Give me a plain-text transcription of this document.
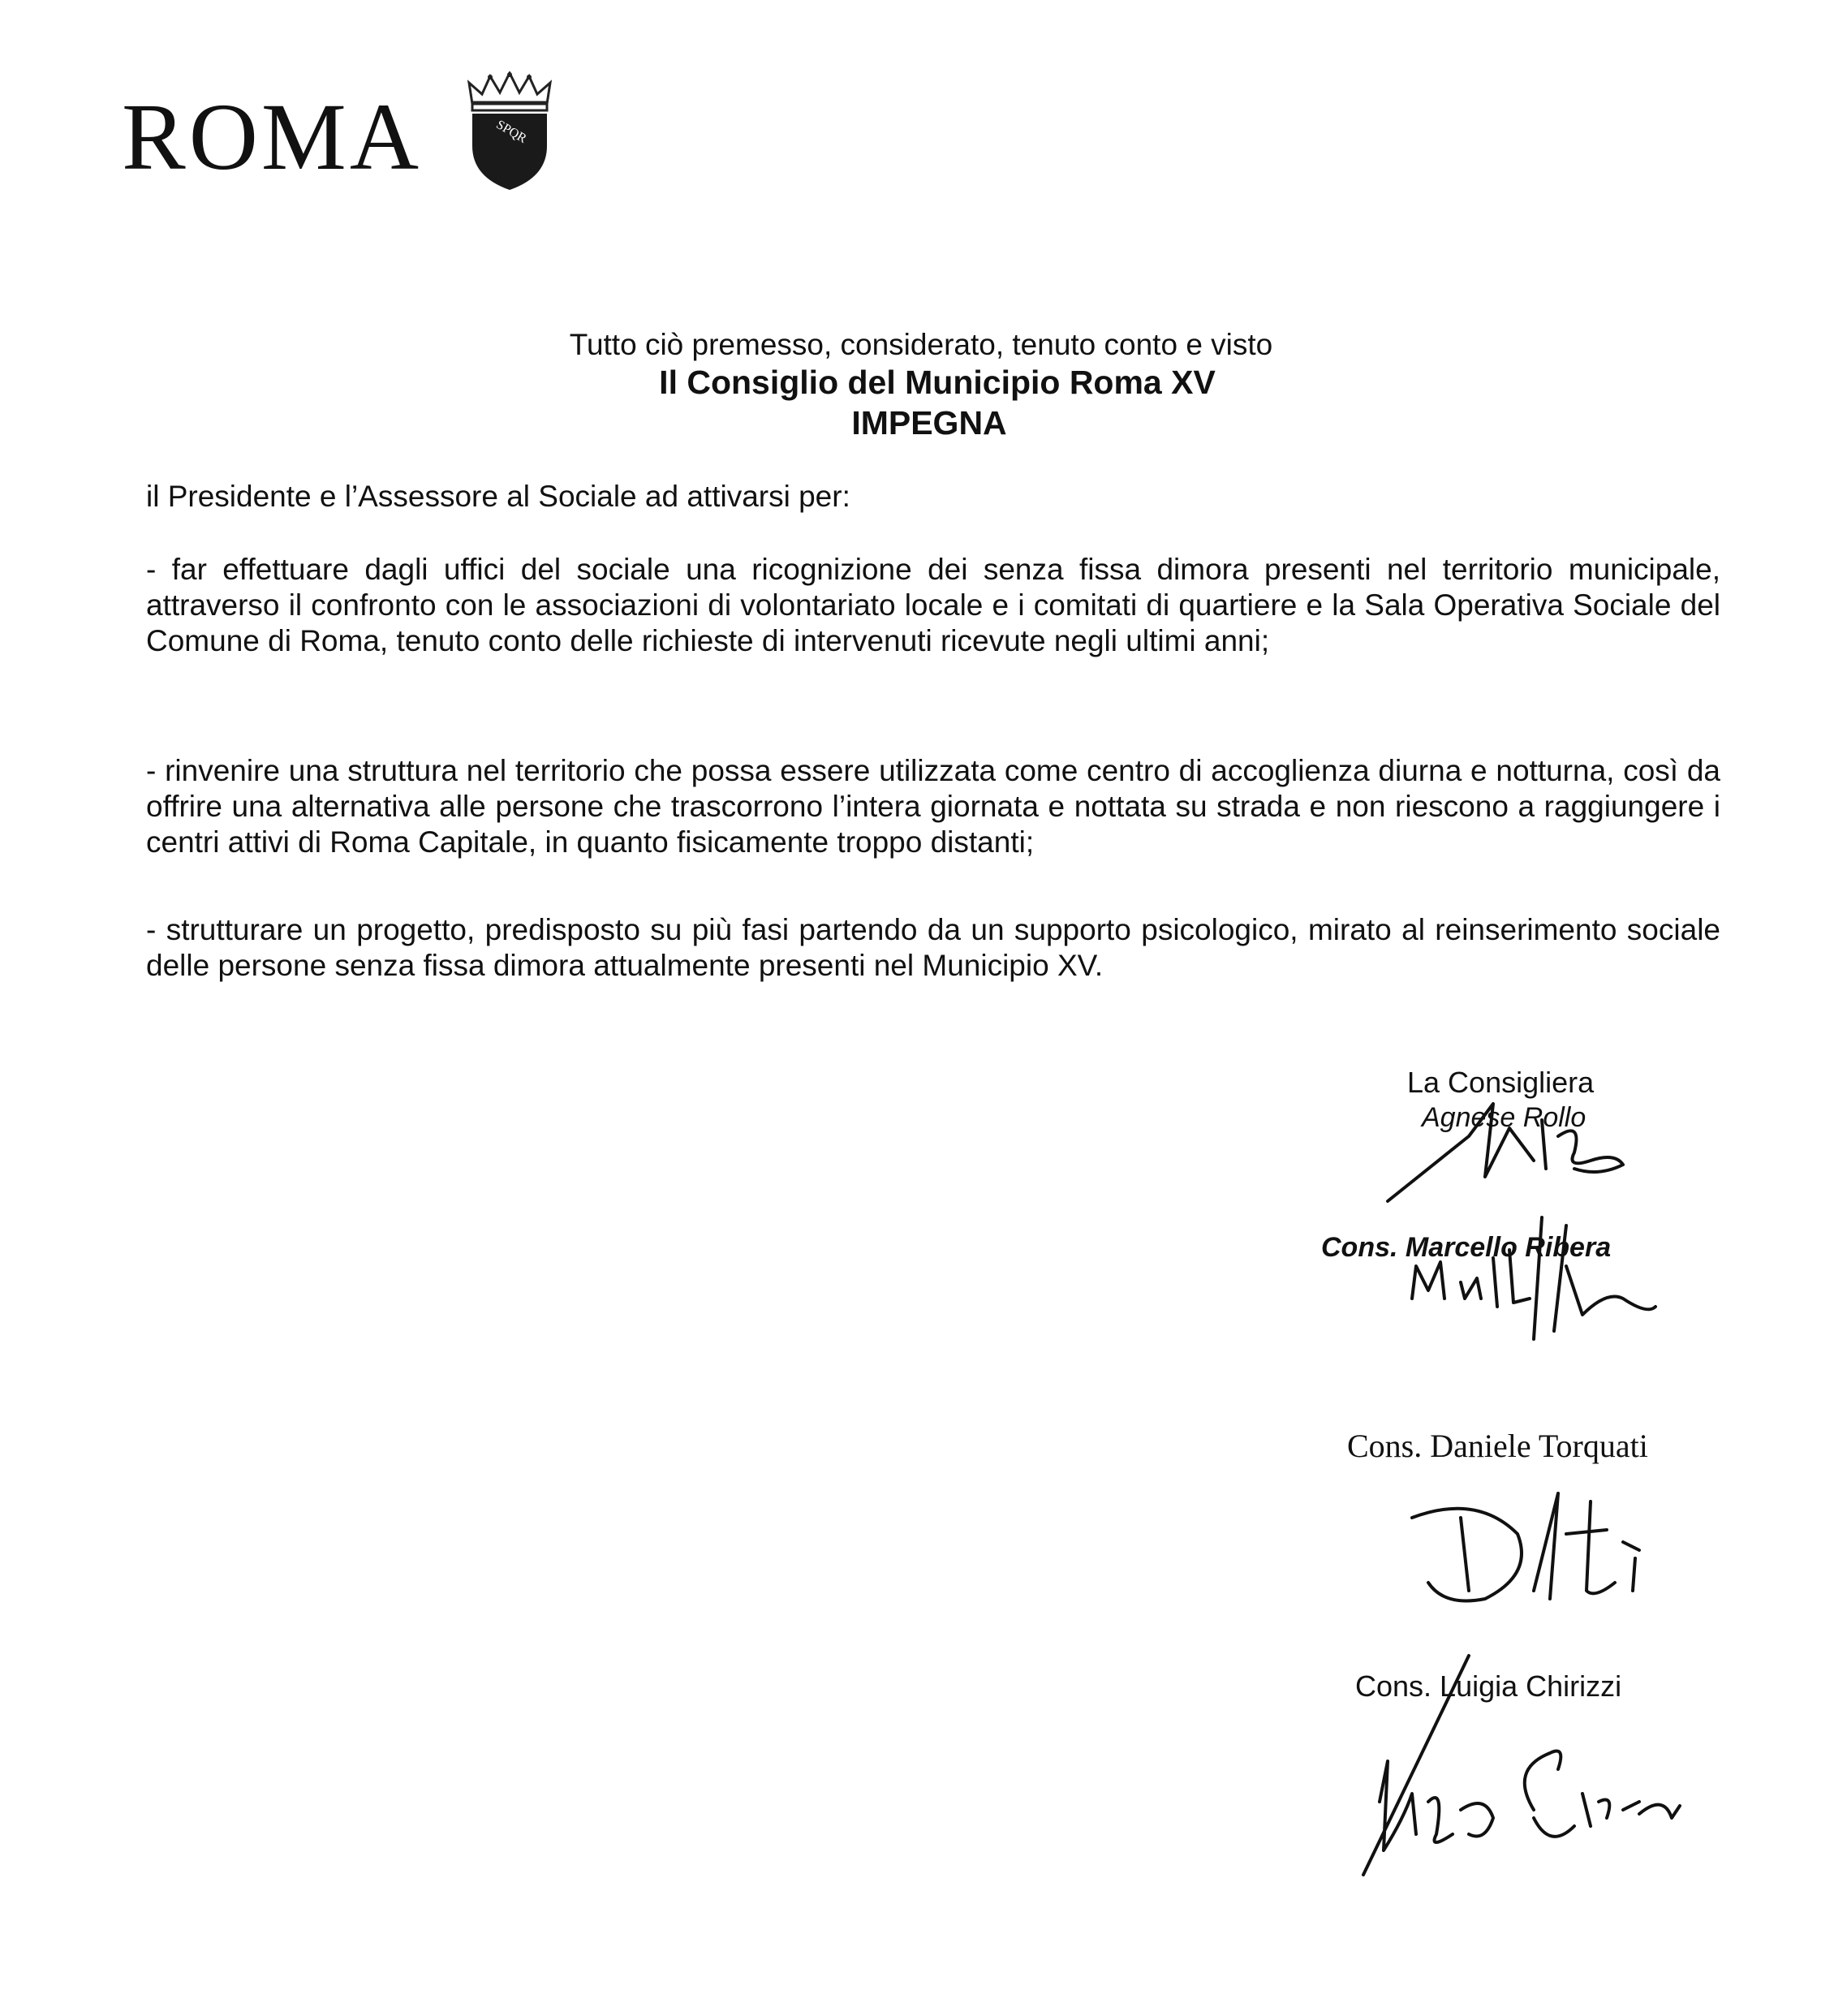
ROMA	SPQR
Tutto ciò premesso, considerato, tenuto conto e visto
Il Consiglio del Municipio Roma XV
IMPEGNA
il Presidente e l’Assessore al Sociale ad attivarsi per:
- far effettuare dagli uffici del sociale una ricognizione dei senza fissa dimora presenti nel territorio municipale, attraverso il confronto con le associazioni di volontariato locale e i comitati di quartiere e la Sala Operativa Sociale del Comune di Roma, tenuto conto delle richieste di intervenuti ricevute negli ultimi anni;
- rinvenire una struttura nel territorio che possa essere utilizzata come centro di accoglienza diurna e notturna, così da offrire una alternativa alle persone che trascorrono l’intera giornata e nottata su strada e non riescono a raggiungere i centri attivi di Roma Capitale, in quanto fisicamente troppo distanti;
- strutturare un progetto, predisposto su più fasi partendo da un supporto psicologico, mirato al reinserimento sociale delle persone senza fissa dimora attualmente presenti nel Municipio XV.
La Consigliera
Agnese Rollo
Cons. Marcello Ribera
Cons. Daniele Torquati
Cons. Luigia Chirizzi
